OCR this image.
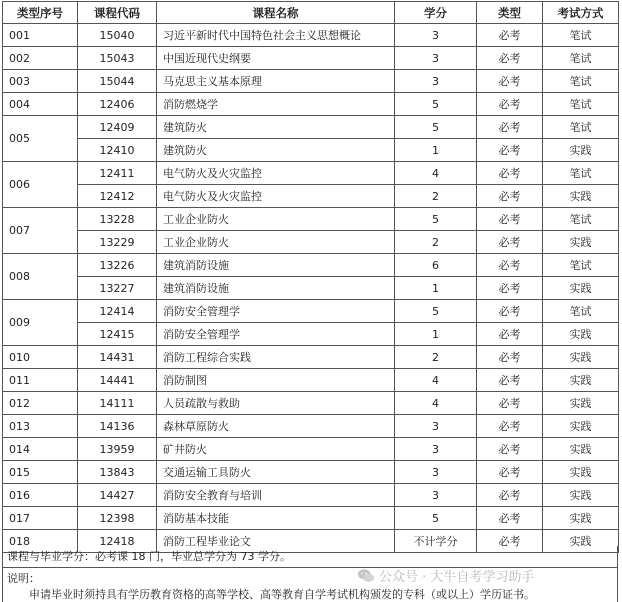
类型序号	课程代码	课程名称	学分	类型	考试方式
001	15040	习近平新时代中国特色社会主义思想概论	3	必考	笔试
002	15043	中国近现代史纲要	3	必考	笔试
003	15044	马克思主义基本原理	3	必考	笔试
004	12406	消防燃烧学	5	必考	笔试
005	12409	建筑防火	5	必考	笔试
	12410	建筑防火	1	必考	实践
006	12411	电气防火及火灾监控	4	必考	笔试
	12412	电气防火及火灾监控	2	必考	实践
007	13228	工业企业防火	5	必考	笔试
	13229	工业企业防火	2	必考	实践
008	13226	建筑消防设施	6	必考	笔试
	13227	建筑消防设施	1	必考	实践
009	12414	消防安全管理学	5	必考	笔试
	12415	消防安全管理学	1	必考	实践
010	14431	消防工程综合实践	2	必考	实践
011	14441	消防制图	4	必考	实践
012	14111	人员疏散与救助	4	必考	实践
013	14136	森林草原防火	3	必考	实践
014	13959	矿井防火	3	必考	实践
015	13843	交通运输工具防火	3	必考	实践
016	14427	消防安全教育与培训	3	必考	实践
017	12398	消防基本技能	5	必考	实践
018	12418	消防工程毕业论文	不计学分	必考	实践
课程与毕业学分：必考课 18 门，毕业总学分为 73 学分。
说明：
申请毕业时须持具有学历教育资格的高等学校、高等教育自学考试机构颁发的专科（或以上）学历证书。
公众号 · 大牛自考学习助手
